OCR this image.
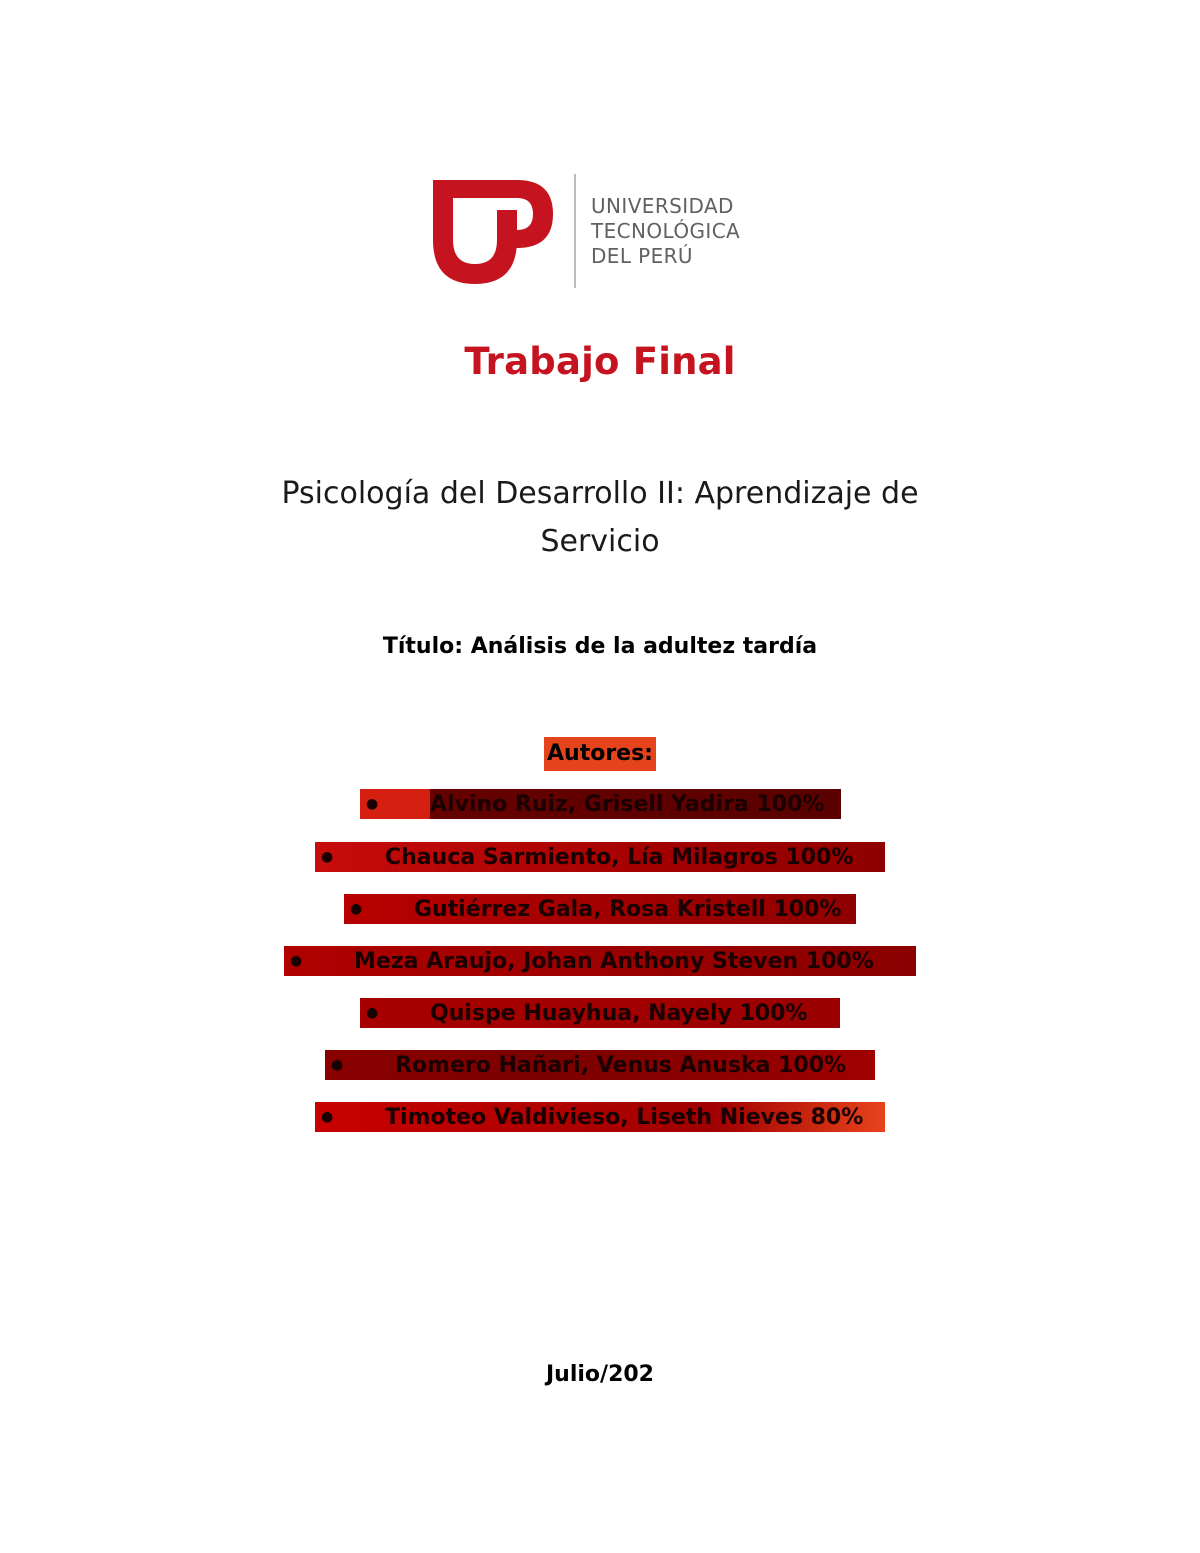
UNIVERSIDAD
TECNOLÓGICA
DEL PERÚ
Trabajo Final
Psicología del Desarrollo II: Aprendizaje de
Servicio
Título: Análisis de la adultez tardía
Autores:
●	Alvino Ruiz, Grisell Yadira 100%
●	Chauca Sarmiento, Lía Milagros 100%
●	Gutiérrez Gala, Rosa Kristell 100%
●	Meza Araujo, Johan Anthony Steven 100%
●	Quispe Huayhua, Nayely 100%
●	Romero Hañari, Venus Anuska 100%
●	Timoteo Valdivieso, Liseth Nieves 80%
Julio/202
